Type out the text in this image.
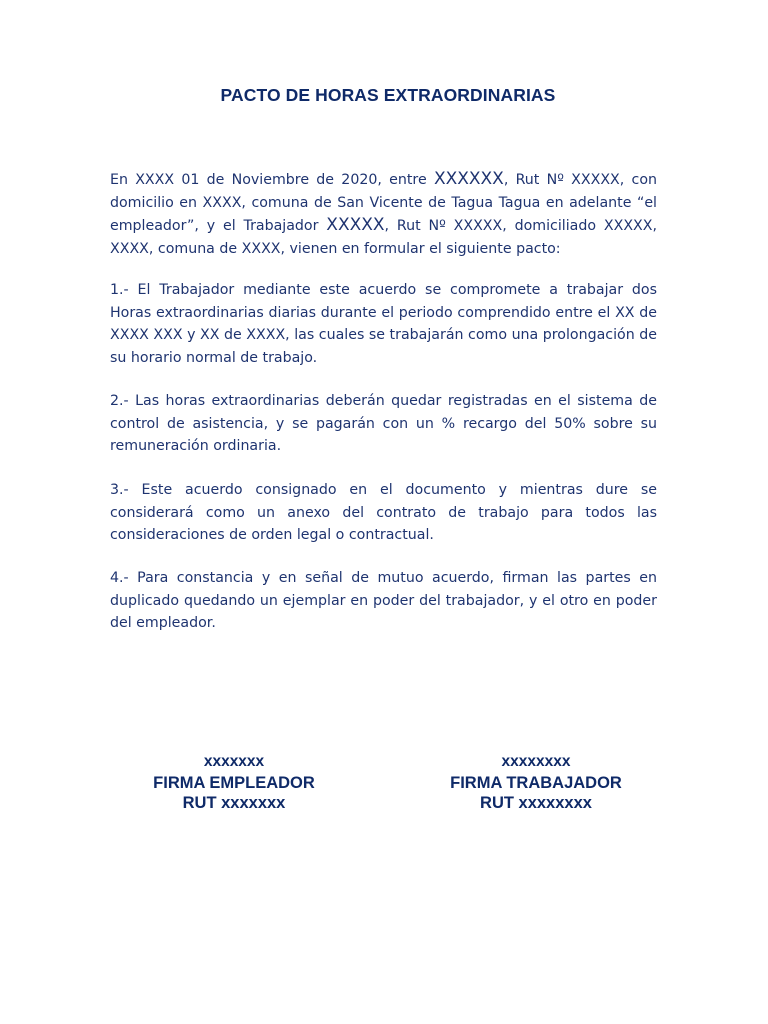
PACTO DE HORAS EXTRAORDINARIAS

En XXXX 01 de Noviembre de 2020, entre XXXXXX, Rut Nº XXXXX, con domicilio en XXXX, comuna de San Vicente de Tagua Tagua en adelante “el empleador”, y el Trabajador XXXXX, Rut Nº XXXXX, domiciliado XXXXX, XXXX, comuna de XXXX, vienen en formular el siguiente pacto:

1.- El Trabajador mediante este acuerdo se compromete a trabajar dos Horas extraordinarias diarias durante el periodo comprendido entre el XX de XXXX XXX y XX de XXXX, las cuales se trabajarán como una prolongación de su horario normal de trabajo.

2.- Las horas extraordinarias deberán quedar registradas en el sistema de control de asistencia, y se pagarán con un % recargo del 50% sobre su remuneración ordinaria.

3.- Este acuerdo consignado en el documento y mientras dure se considerará como un anexo del contrato de trabajo para todos las consideraciones de orden legal o contractual.

4.- Para constancia y en señal de mutuo acuerdo, firman las partes en duplicado quedando un ejemplar en poder del trabajador, y el otro en poder del empleador.

xxxxxxx
FIRMA EMPLEADOR
RUT xxxxxxx
xxxxxxxx
FIRMA TRABAJADOR
RUT xxxxxxxx
